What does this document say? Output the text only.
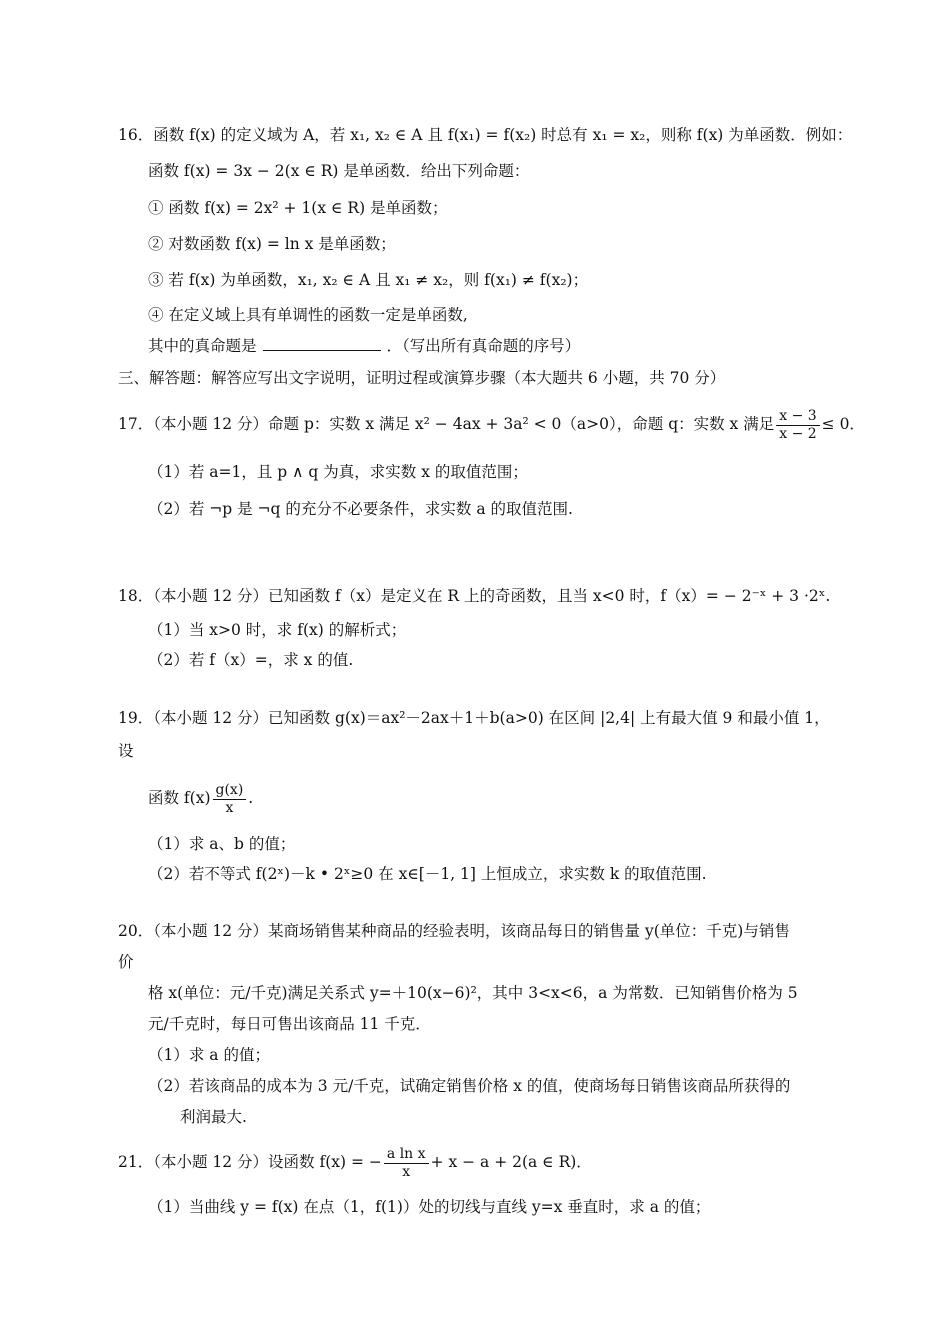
16．函数 f(x) 的定义域为 A，若 x₁, x₂ ∈ A 且 f(x₁) = f(x₂) 时总有 x₁ = x₂，则称 f(x) 为单函数．例如：
函数 f(x) = 3x − 2(x ∈ R) 是单函数．给出下列命题：
① 函数 f(x) = 2x² + 1(x ∈ R) 是单函数；
② 对数函数 f(x) = ln x 是单函数；
③ 若 f(x) 为单函数，x₁, x₂ ∈ A 且 x₁ ≠ x₂，则 f(x₁) ≠ f(x₂)；
④ 在定义域上具有单调性的函数一定是单函数,
其中的真命题是	．（写出所有真命题的序号）
三、解答题：解答应写出文字说明，证明过程或演算步骤（本大题共 6 小题，共 70 分）
17．（本小题 12 分）命题 p：实数 x 满足 x² − 4ax + 3a² < 0（a>0），命题 q：实数 x 满足 $\frac{x - 3}{x - 2} \le 0$．
（1）若 a=1，且 p ∧ q 为真，求实数 x 的取值范围；
（2）若 ¬p 是 ¬q 的充分不必要条件，求实数 a 的取值范围.
18．（本小题 12 分）已知函数 f（x）是定义在 R 上的奇函数，且当 x<0 时，f（x）= − 2⁻ˣ + 3 ·2ˣ.
（1）当 x>0 时，求 f(x) 的解析式；
（2）若 f（x）=，求 x 的值.
19．（本小题 12 分）已知函数 g(x)＝ax²－2ax＋1＋b(a>0) 在区间 |2,4| 上有最大值 9 和最小值 1，
设
函数 $f(x) \frac{g(x)}{x}$ .
（1）求 a、b 的值；
（2）若不等式 f(2ˣ)－k • 2ˣ≥0 在 x∈[－1, 1] 上恒成立，求实数 k 的取值范围.
20．（本小题 12 分）某商场销售某种商品的经验表明，该商品每日的销售量 y(单位：千克)与销售
价
格 x(单位：元/千克)满足关系式 y=＋10(x−6)²，其中 3<x<6，a 为常数．已知销售价格为 5
元/千克时，每日可售出该商品 11 千克．
（1）求 a 的值；
（2）若该商品的成本为 3 元/千克，试确定销售价格 x 的值，使商场每日销售该商品所获得的
利润最大.
21．（本小题 12 分）设函数 f(x) = − $\frac{\text{a ln x}}{x} + x - a + 2(a$ ∈ R)．
（1）当曲线 y = f(x) 在点（1，f(1)）处的切线与直线 y=x 垂直时，求 a 的值；
